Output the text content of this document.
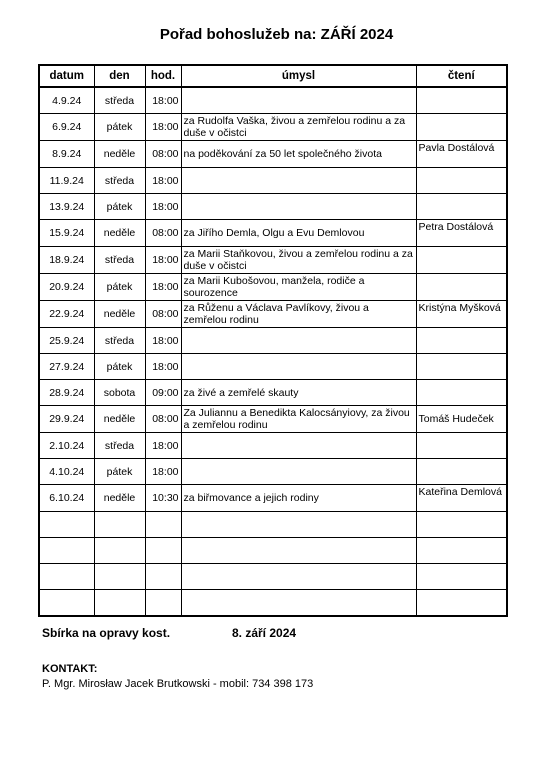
Pořad bohoslužeb na: ZÁŘÍ 2024
datum	den	hod.	úmysl	čtení
4.9.24	středa	18:00		
6.9.24	pátek	18:00	za Rudolfa Vaška, živou a zemřelou rodinu a za duše v očistci	
8.9.24	neděle	08:00	na poděkování za 50 let společného života	Pavla Dostálová
11.9.24	středa	18:00		
13.9.24	pátek	18:00		
15.9.24	neděle	08:00	za Jiřího Demla, Olgu a Evu Demlovou	Petra Dostálová
18.9.24	středa	18:00	za Marii Staňkovou, živou a zemřelou rodinu a za duše v očistci	
20.9.24	pátek	18:00	za Marii Kubošovou, manžela, rodiče a sourozence	
22.9.24	neděle	08:00	za Růženu a Václava Pavlíkovy, živou a zemřelou rodinu	Kristýna Myšková
25.9.24	středa	18:00		
27.9.24	pátek	18:00		
28.9.24	sobota	09:00	za živé a zemřelé skauty	
29.9.24	neděle	08:00	Za Juliannu a Benedikta Kalocsányiovy, za živou a zemřelou rodinu	Tomáš Hudeček
2.10.24	středa	18:00		
4.10.24	pátek	18:00		
6.10.24	neděle	10:30	za biřmovance a jejich rodiny	Kateřina Demlová

Sbírka na opravy kost.	8. září 2024
KONTAKT:
P. Mgr. Mirosław Jacek Brutkowski - mobil: 734 398 173
